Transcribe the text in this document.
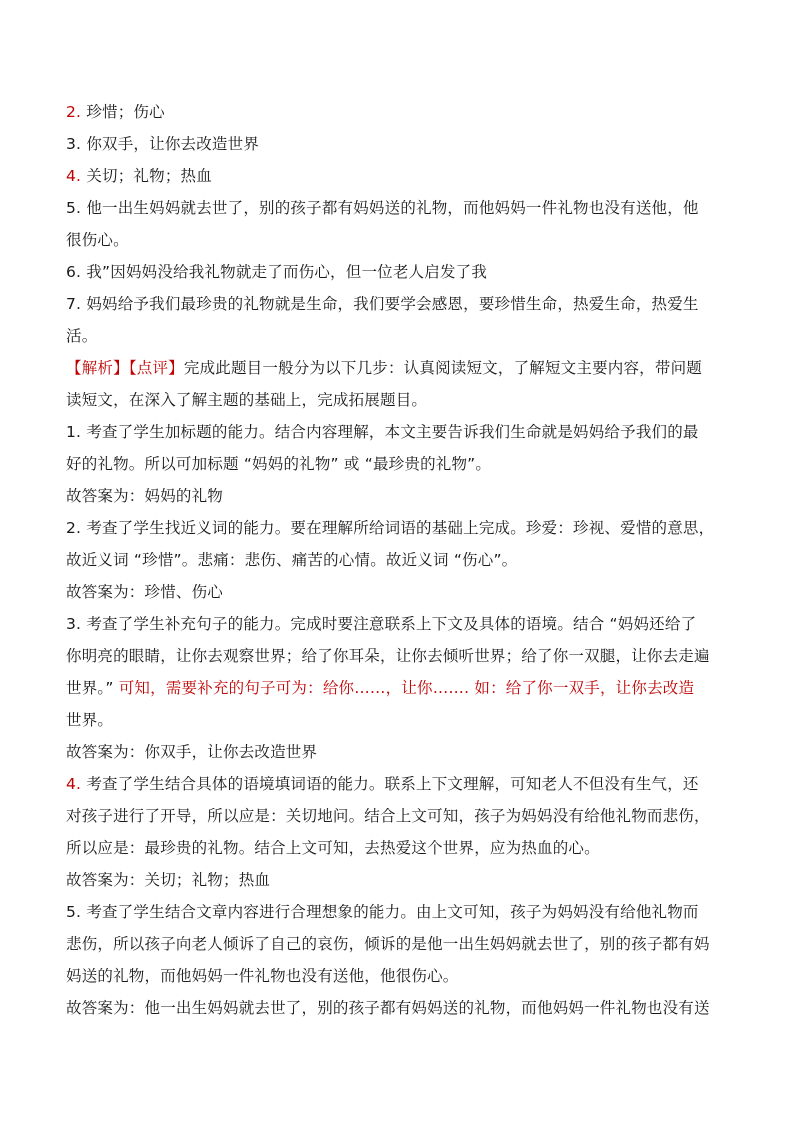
2. 珍惜；伤心
3. 你双手，让你去改造世界
4. 关切；礼物；热血
5. 他一出生妈妈就去世了，别的孩子都有妈妈送的礼物，而他妈妈一件礼物也没有送他，他
很伤心。
6. 我”因妈妈没给我礼物就走了而伤心，但一位老人启发了我
7. 妈妈给予我们最珍贵的礼物就是生命，我们要学会感恩，要珍惜生命，热爱生命，热爱生
活。
【解析】【点评】完成此题目一般分为以下几步：认真阅读短文，了解短文主要内容，带问题
读短文，在深入了解主题的基础上，完成拓展题目。
1. 考查了学生加标题的能力。结合内容理解，本文主要告诉我们生命就是妈妈给予我们的最
好的礼物。所以可加标题 “妈妈的礼物” 或 “最珍贵的礼物”。
故答案为：妈妈的礼物
2. 考查了学生找近义词的能力。要在理解所给词语的基础上完成。珍爱：珍视、爱惜的意思，
故近义词 “珍惜”。悲痛：悲伤、痛苦的心情。故近义词 “伤心”。
故答案为：珍惜、伤心
3. 考查了学生补充句子的能力。完成时要注意联系上下文及具体的语境。结合 “妈妈还给了
你明亮的眼睛，让你去观察世界；给了你耳朵，让你去倾听世界；给了你一双腿，让你去走遍
世界。” 可知，需要补充的句子可为：给你……，让你……. 如：给了你一双手，让你去改造
世界。
故答案为：你双手，让你去改造世界
4. 考查了学生结合具体的语境填词语的能力。联系上下文理解，可知老人不但没有生气，还
对孩子进行了开导，所以应是：关切地问。结合上文可知，孩子为妈妈没有给他礼物而悲伤，
所以应是：最珍贵的礼物。结合上文可知，去热爱这个世界，应为热血的心。
故答案为：关切；礼物；热血
5. 考查了学生结合文章内容进行合理想象的能力。由上文可知，孩子为妈妈没有给他礼物而
悲伤，所以孩子向老人倾诉了自己的哀伤，倾诉的是他一出生妈妈就去世了，别的孩子都有妈
妈送的礼物，而他妈妈一件礼物也没有送他，他很伤心。
故答案为：他一出生妈妈就去世了，别的孩子都有妈妈送的礼物，而他妈妈一件礼物也没有送
